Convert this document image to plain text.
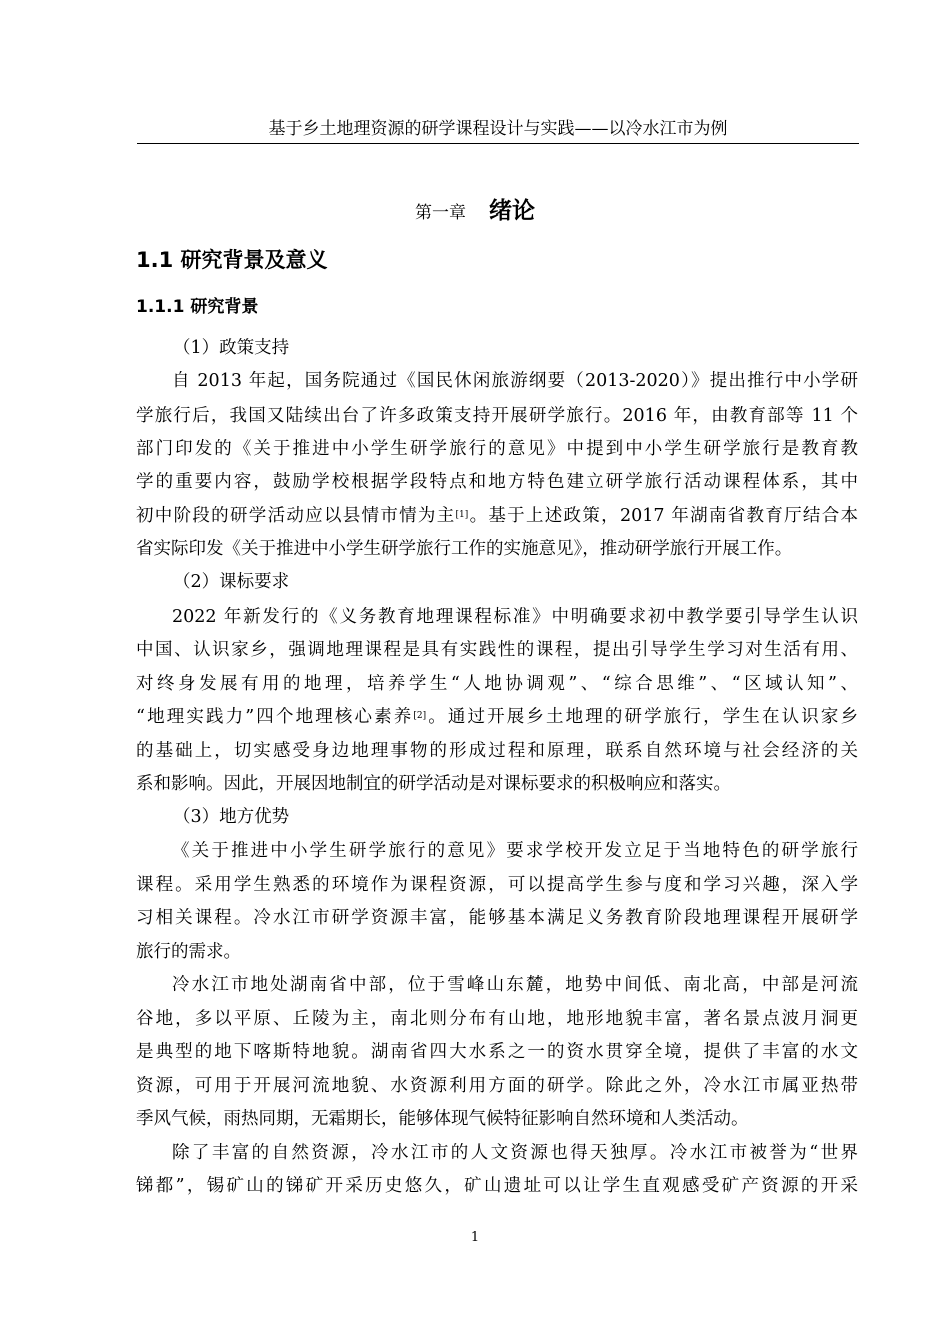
基于乡土地理资源的研学课程设计与实践——以冷水江市为例
第一章 绪论
1.1 研究背景及意义
1.1.1 研究背景
（1）政策支持
自 2013 年起，国务院通过《国民休闲旅游纲要（2013-2020）》提出推行中小学研
学旅行后，我国又陆续出台了许多政策支持开展研学旅行。2016 年，由教育部等 11 个
部门印发的《关于推进中小学生研学旅行的意见》中提到中小学生研学旅行是教育教
学的重要内容，鼓励学校根据学段特点和地方特色建立研学旅行活动课程体系，其中
初中阶段的研学活动应以县情市情为主[1]。基于上述政策，2017 年湖南省教育厅结合本
省实际印发《关于推进中小学生研学旅行工作的实施意见》，推动研学旅行开展工作。
（2）课标要求
2022 年新发行的《义务教育地理课程标准》中明确要求初中教学要引导学生认识
中国、认识家乡，强调地理课程是具有实践性的课程，提出引导学生学习对生活有用、
对终身发展有用的地理，培养学生“人地协调观”、“综合思维”、“区域认知”、
“地理实践力”四个地理核心素养[2]。通过开展乡土地理的研学旅行，学生在认识家乡
的基础上，切实感受身边地理事物的形成过程和原理，联系自然环境与社会经济的关
系和影响。因此，开展因地制宜的研学活动是对课标要求的积极响应和落实。
（3）地方优势
《关于推进中小学生研学旅行的意见》要求学校开发立足于当地特色的研学旅行
课程。采用学生熟悉的环境作为课程资源，可以提高学生参与度和学习兴趣，深入学
习相关课程。冷水江市研学资源丰富，能够基本满足义务教育阶段地理课程开展研学
旅行的需求。
冷水江市地处湖南省中部，位于雪峰山东麓，地势中间低、南北高，中部是河流
谷地，多以平原、丘陵为主，南北则分布有山地，地形地貌丰富，著名景点波月洞更
是典型的地下喀斯特地貌。湖南省四大水系之一的资水贯穿全境，提供了丰富的水文
资源，可用于开展河流地貌、水资源利用方面的研学。除此之外，冷水江市属亚热带
季风气候，雨热同期，无霜期长，能够体现气候特征影响自然环境和人类活动。
除了丰富的自然资源，冷水江市的人文资源也得天独厚。冷水江市被誉为“世界
锑都”，锡矿山的锑矿开采历史悠久，矿山遗址可以让学生直观感受矿产资源的开采
1
